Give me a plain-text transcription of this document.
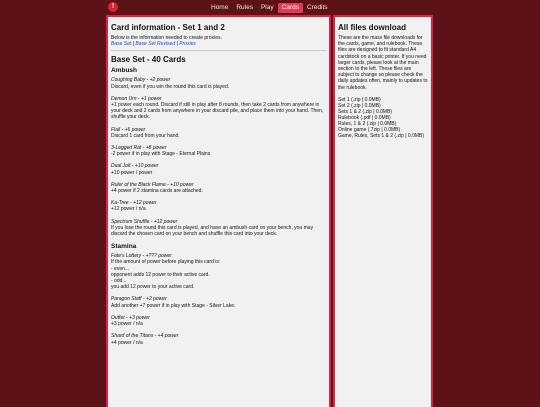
!	Home	Rules	Play	Cards	Credits
Card information - Set 1 and 2

Below is the information needed to create proxies.

Base Set | Base Set Revised | Proxies

Base Set - 40 Cards
Ambush
Coughing Baby - +2 power
Discard, even if you win the round this card is played.
Demon Urn - +1 power
+1 power each round. Discard if still in play after 8 rounds, then take 2 cards from anywhere in your deck and 2 cards from anywhere in your discard pile, and place them into your hand. Then, shuffle your deck.
Flail - +6 power
Discard 1 card from your hand.
3-Legged Rat - +8 power
-2 power if in play with Stage - Eternal Plains
Dual Jolt - +10 power
+10 power / power
Ruler of the Black Flame - +10 power
+4 power if 2 stamina cards are attached.
Ka-Tree - +12 power
+12 power / n/a
Spectrum Shuffle - +12 power
If you lose the round this card is played, and have an ambush card on your bench, you may discard the chosen card on your bench and shuffle this card into your deck.
Stamina
Fate's Lottery - +??? power
If the amount of power before playing this card is:
- even...
opponent adds 12 power to their active card.
- odd...
you add 12 power to your active card.
Paragon Staff - +2 power
Add another +7 power if in play with Stage - Silver Lake.
Outfet - +3 power
+3 power / n/a
Shard of the Titans - +4 power
+4 power / n/a
All files download

These are the mass file downloads for the cards, game, and rulebook. These files are designed to fit standard A4 cardstock on a basic printer. If you need larger cards, please look at the main section to the left. These files are subject to change so please check the daily updates often, mainly to updates to the rulebook.

Set 1 (.zip | 0.0MB)
Set 2 (.zip | 0.0MB)
Sets 1 & 2 (.zip | 0.0MB)
Rulebook (.pdf | 0.0MB)
Rules, 1 & 2 (.zip | 0.0MB)
Online game (.7zip | 0.0MB)
Game, Rules, Sets 1 & 2 (.zip | 0.0MB)
